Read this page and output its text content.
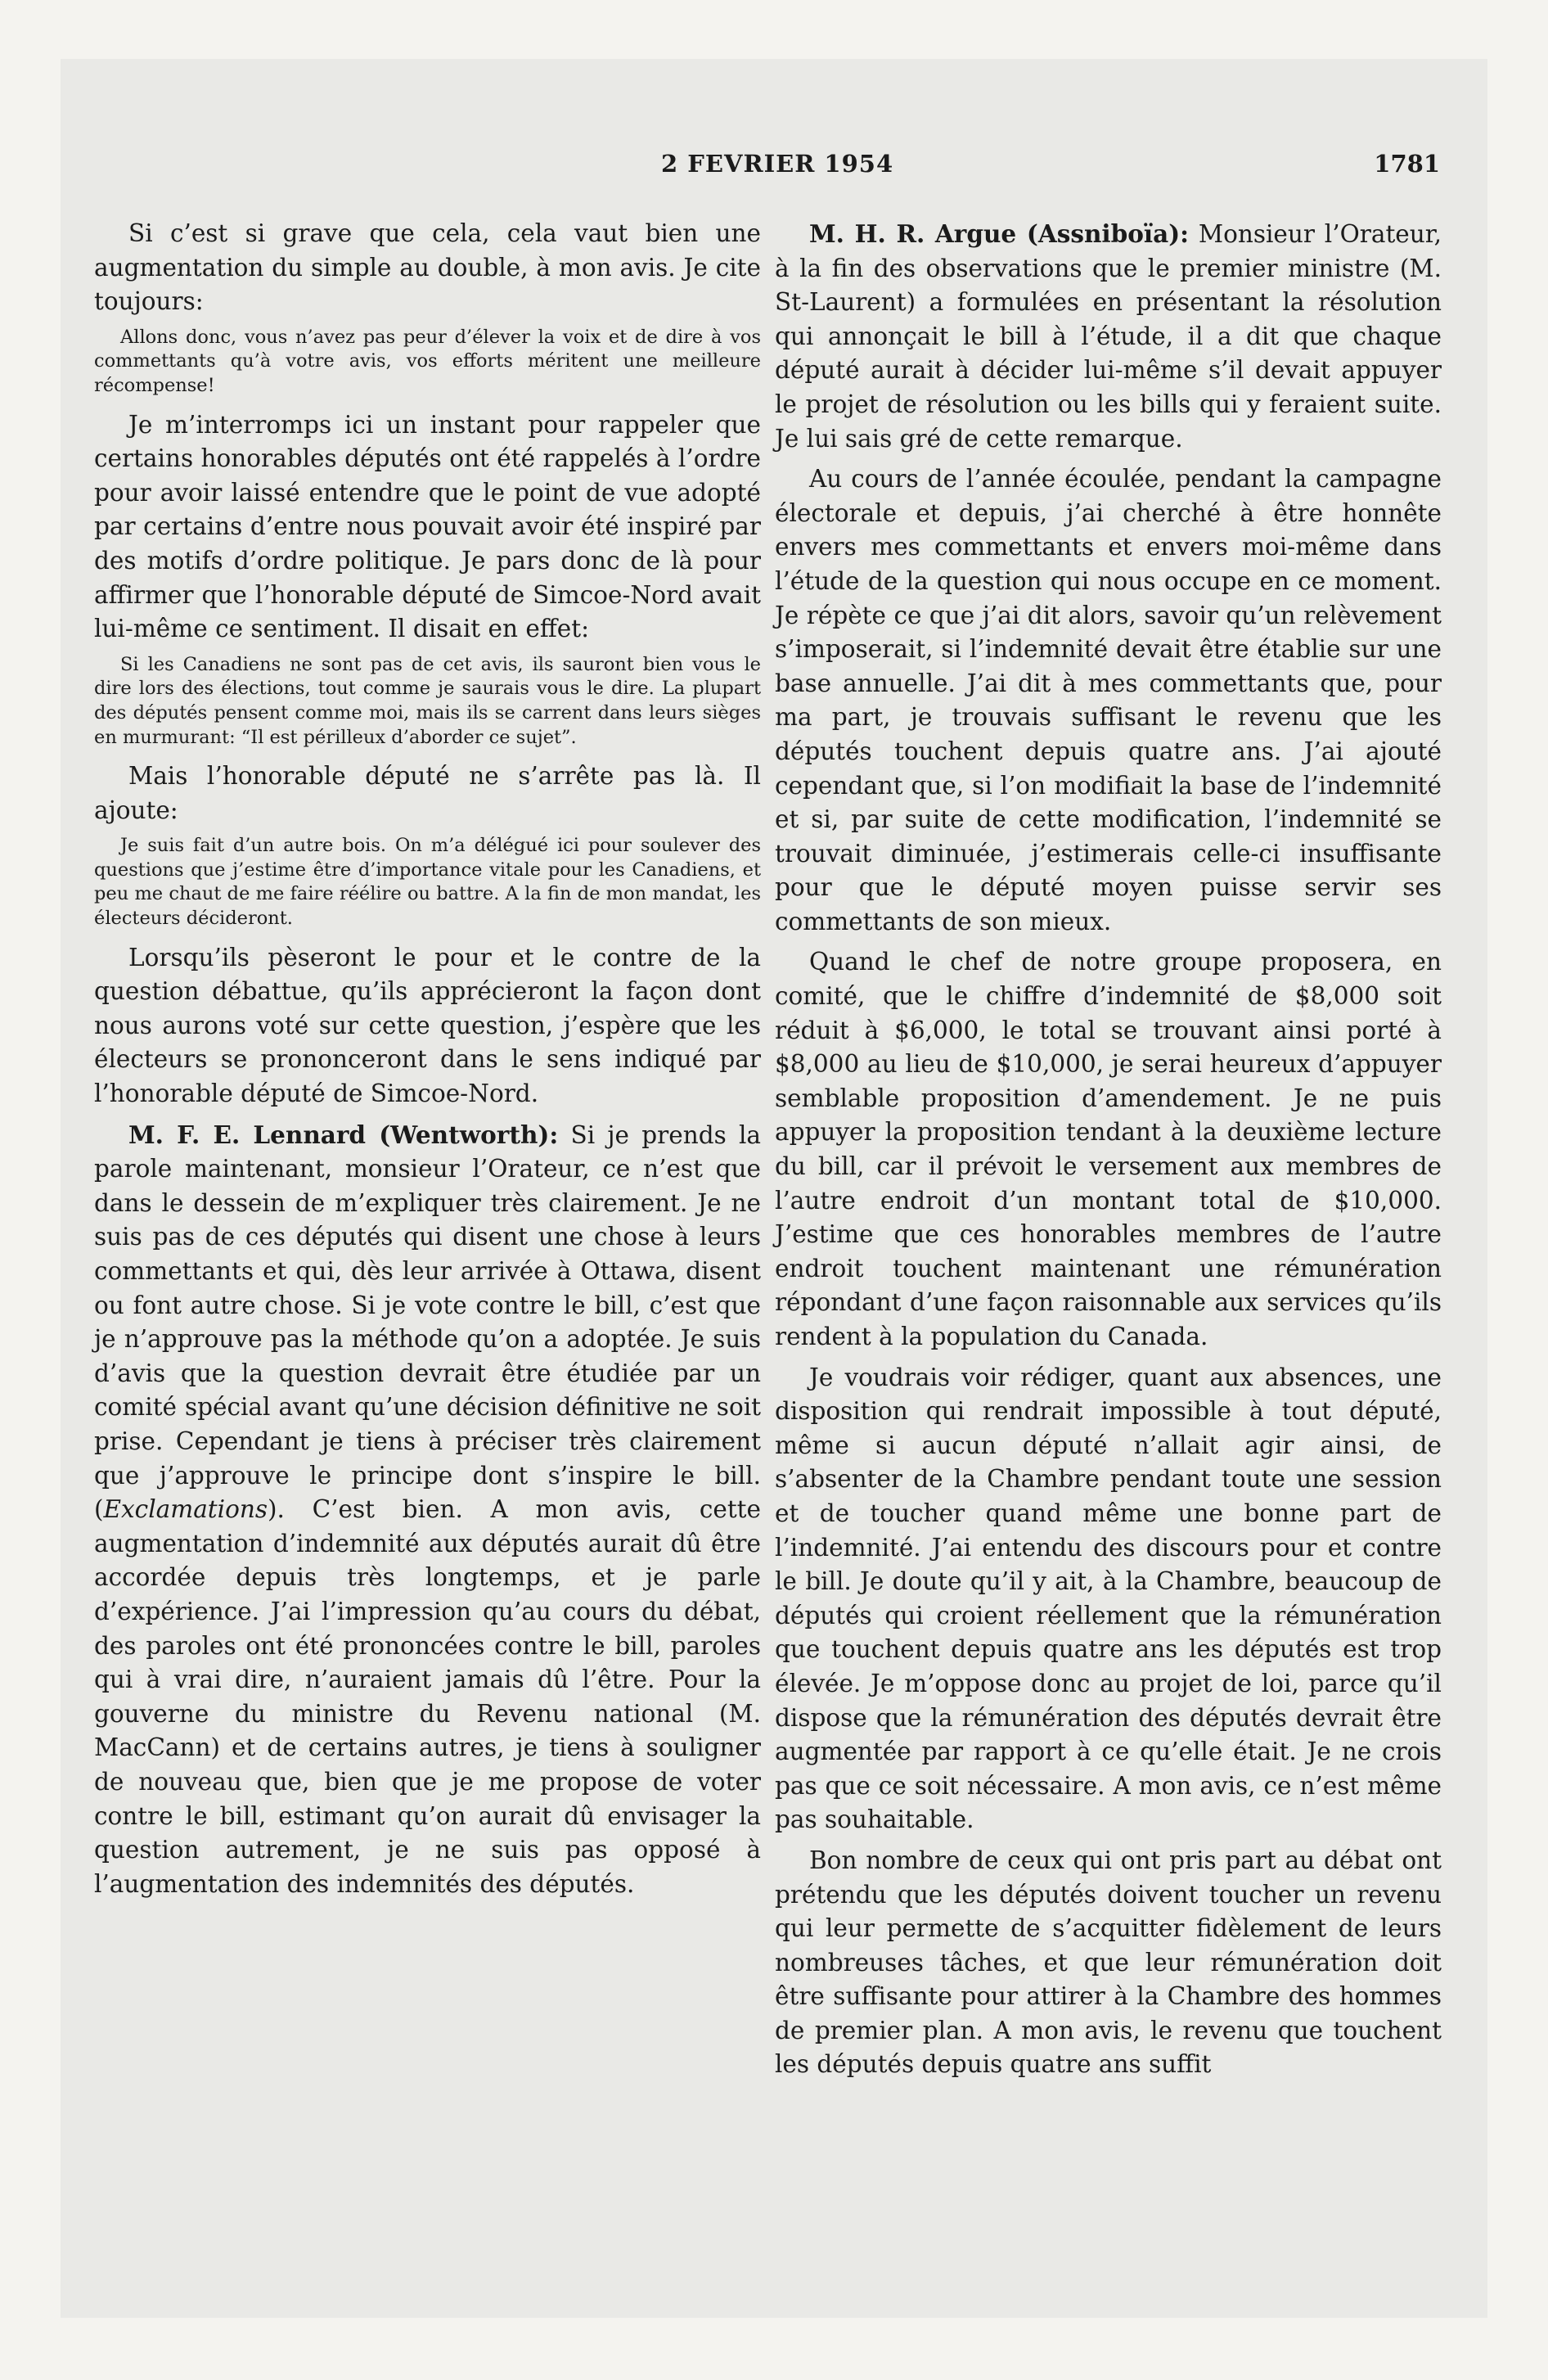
2 FEVRIER 1954	1781
Si c’est si grave que cela, cela vaut bien une augmentation du simple au double, à mon avis. Je cite toujours:
Allons donc, vous n’avez pas peur d’élever la voix et de dire à vos commettants qu’à votre avis, vos efforts méritent une meilleure récompense!
Je m’interromps ici un instant pour rappeler que certains honorables députés ont été rappelés à l’ordre pour avoir laissé entendre que le point de vue adopté par certains d’entre nous pouvait avoir été inspiré par des motifs d’ordre politique. Je pars donc de là pour affirmer que l’honorable député de Simcoe-Nord avait lui-même ce sentiment. Il disait en effet:
Si les Canadiens ne sont pas de cet avis, ils sauront bien vous le dire lors des élections, tout comme je saurais vous le dire. La plupart des députés pensent comme moi, mais ils se carrent dans leurs sièges en murmurant: “Il est périlleux d’aborder ce sujet”.
Mais l’honorable député ne s’arrête pas là. Il ajoute:
Je suis fait d’un autre bois. On m’a délégué ici pour soulever des questions que j’estime être d’importance vitale pour les Canadiens, et peu me chaut de me faire réélire ou battre. A la fin de mon mandat, les électeurs décideront.
Lorsqu’ils pèseront le pour et le contre de la question débattue, qu’ils apprécieront la façon dont nous aurons voté sur cette question, j’espère que les électeurs se prononceront dans le sens indiqué par l’honorable député de Simcoe-Nord.
M. F. E. Lennard (Wentworth): Si je prends la parole maintenant, monsieur l’Orateur, ce n’est que dans le dessein de m’expliquer très clairement. Je ne suis pas de ces députés qui disent une chose à leurs commettants et qui, dès leur arrivée à Ottawa, disent ou font autre chose. Si je vote contre le bill, c’est que je n’approuve pas la méthode qu’on a adoptée. Je suis d’avis que la question devrait être étudiée par un comité spécial avant qu’une décision définitive ne soit prise. Cependant je tiens à préciser très clairement que j’approuve le principe dont s’inspire le bill. (Exclamations). C’est bien. A mon avis, cette augmentation d’indemnité aux députés aurait dû être accordée depuis très longtemps, et je parle d’expérience. J’ai l’impression qu’au cours du débat, des paroles ont été prononcées contre le bill, paroles qui à vrai dire, n’auraient jamais dû l’être. Pour la gouverne du ministre du Revenu national (M. MacCann) et de certains autres, je tiens à souligner de nouveau que, bien que je me propose de voter contre le bill, estimant qu’on aurait dû envisager la question autrement, je ne suis pas opposé à l’augmentation des indemnités des députés.
M. H. R. Argue (Assniboïa): Monsieur l’Orateur, à la fin des observations que le premier ministre (M. St-Laurent) a formulées en présentant la résolution qui annonçait le bill à l’étude, il a dit que chaque député aurait à décider lui-même s’il devait appuyer le projet de résolution ou les bills qui y feraient suite. Je lui sais gré de cette remarque.
Au cours de l’année écoulée, pendant la campagne électorale et depuis, j’ai cherché à être honnête envers mes commettants et envers moi-même dans l’étude de la question qui nous occupe en ce moment. Je répète ce que j’ai dit alors, savoir qu’un relèvement s’imposerait, si l’indemnité devait être établie sur une base annuelle. J’ai dit à mes commettants que, pour ma part, je trouvais suffisant le revenu que les députés touchent depuis quatre ans. J’ai ajouté cependant que, si l’on modifiait la base de l’indemnité et si, par suite de cette modification, l’indemnité se trouvait diminuée, j’estimerais celle-ci insuffisante pour que le député moyen puisse servir ses commettants de son mieux.
Quand le chef de notre groupe proposera, en comité, que le chiffre d’indemnité de $8,000 soit réduit à $6,000, le total se trouvant ainsi porté à $8,000 au lieu de $10,000, je serai heureux d’appuyer semblable proposition d’amendement. Je ne puis appuyer la proposition tendant à la deuxième lecture du bill, car il prévoit le versement aux membres de l’autre endroit d’un montant total de $10,000. J’estime que ces honorables membres de l’autre endroit touchent maintenant une rémunération répondant d’une façon raisonnable aux services qu’ils rendent à la population du Canada.
Je voudrais voir rédiger, quant aux absences, une disposition qui rendrait impossible à tout député, même si aucun député n’allait agir ainsi, de s’absenter de la Chambre pendant toute une session et de toucher quand même une bonne part de l’indemnité. J’ai entendu des discours pour et contre le bill. Je doute qu’il y ait, à la Chambre, beaucoup de députés qui croient réellement que la rémunération que touchent depuis quatre ans les députés est trop élevée. Je m’oppose donc au projet de loi, parce qu’il dispose que la rémunération des députés devrait être augmentée par rapport à ce qu’elle était. Je ne crois pas que ce soit nécessaire. A mon avis, ce n’est même pas souhaitable.
Bon nombre de ceux qui ont pris part au débat ont prétendu que les députés doivent toucher un revenu qui leur permette de s’acquitter fidèlement de leurs nombreuses tâches, et que leur rémunération doit être suffisante pour attirer à la Chambre des hommes de premier plan. A mon avis, le revenu que touchent les députés depuis quatre ans suffit
